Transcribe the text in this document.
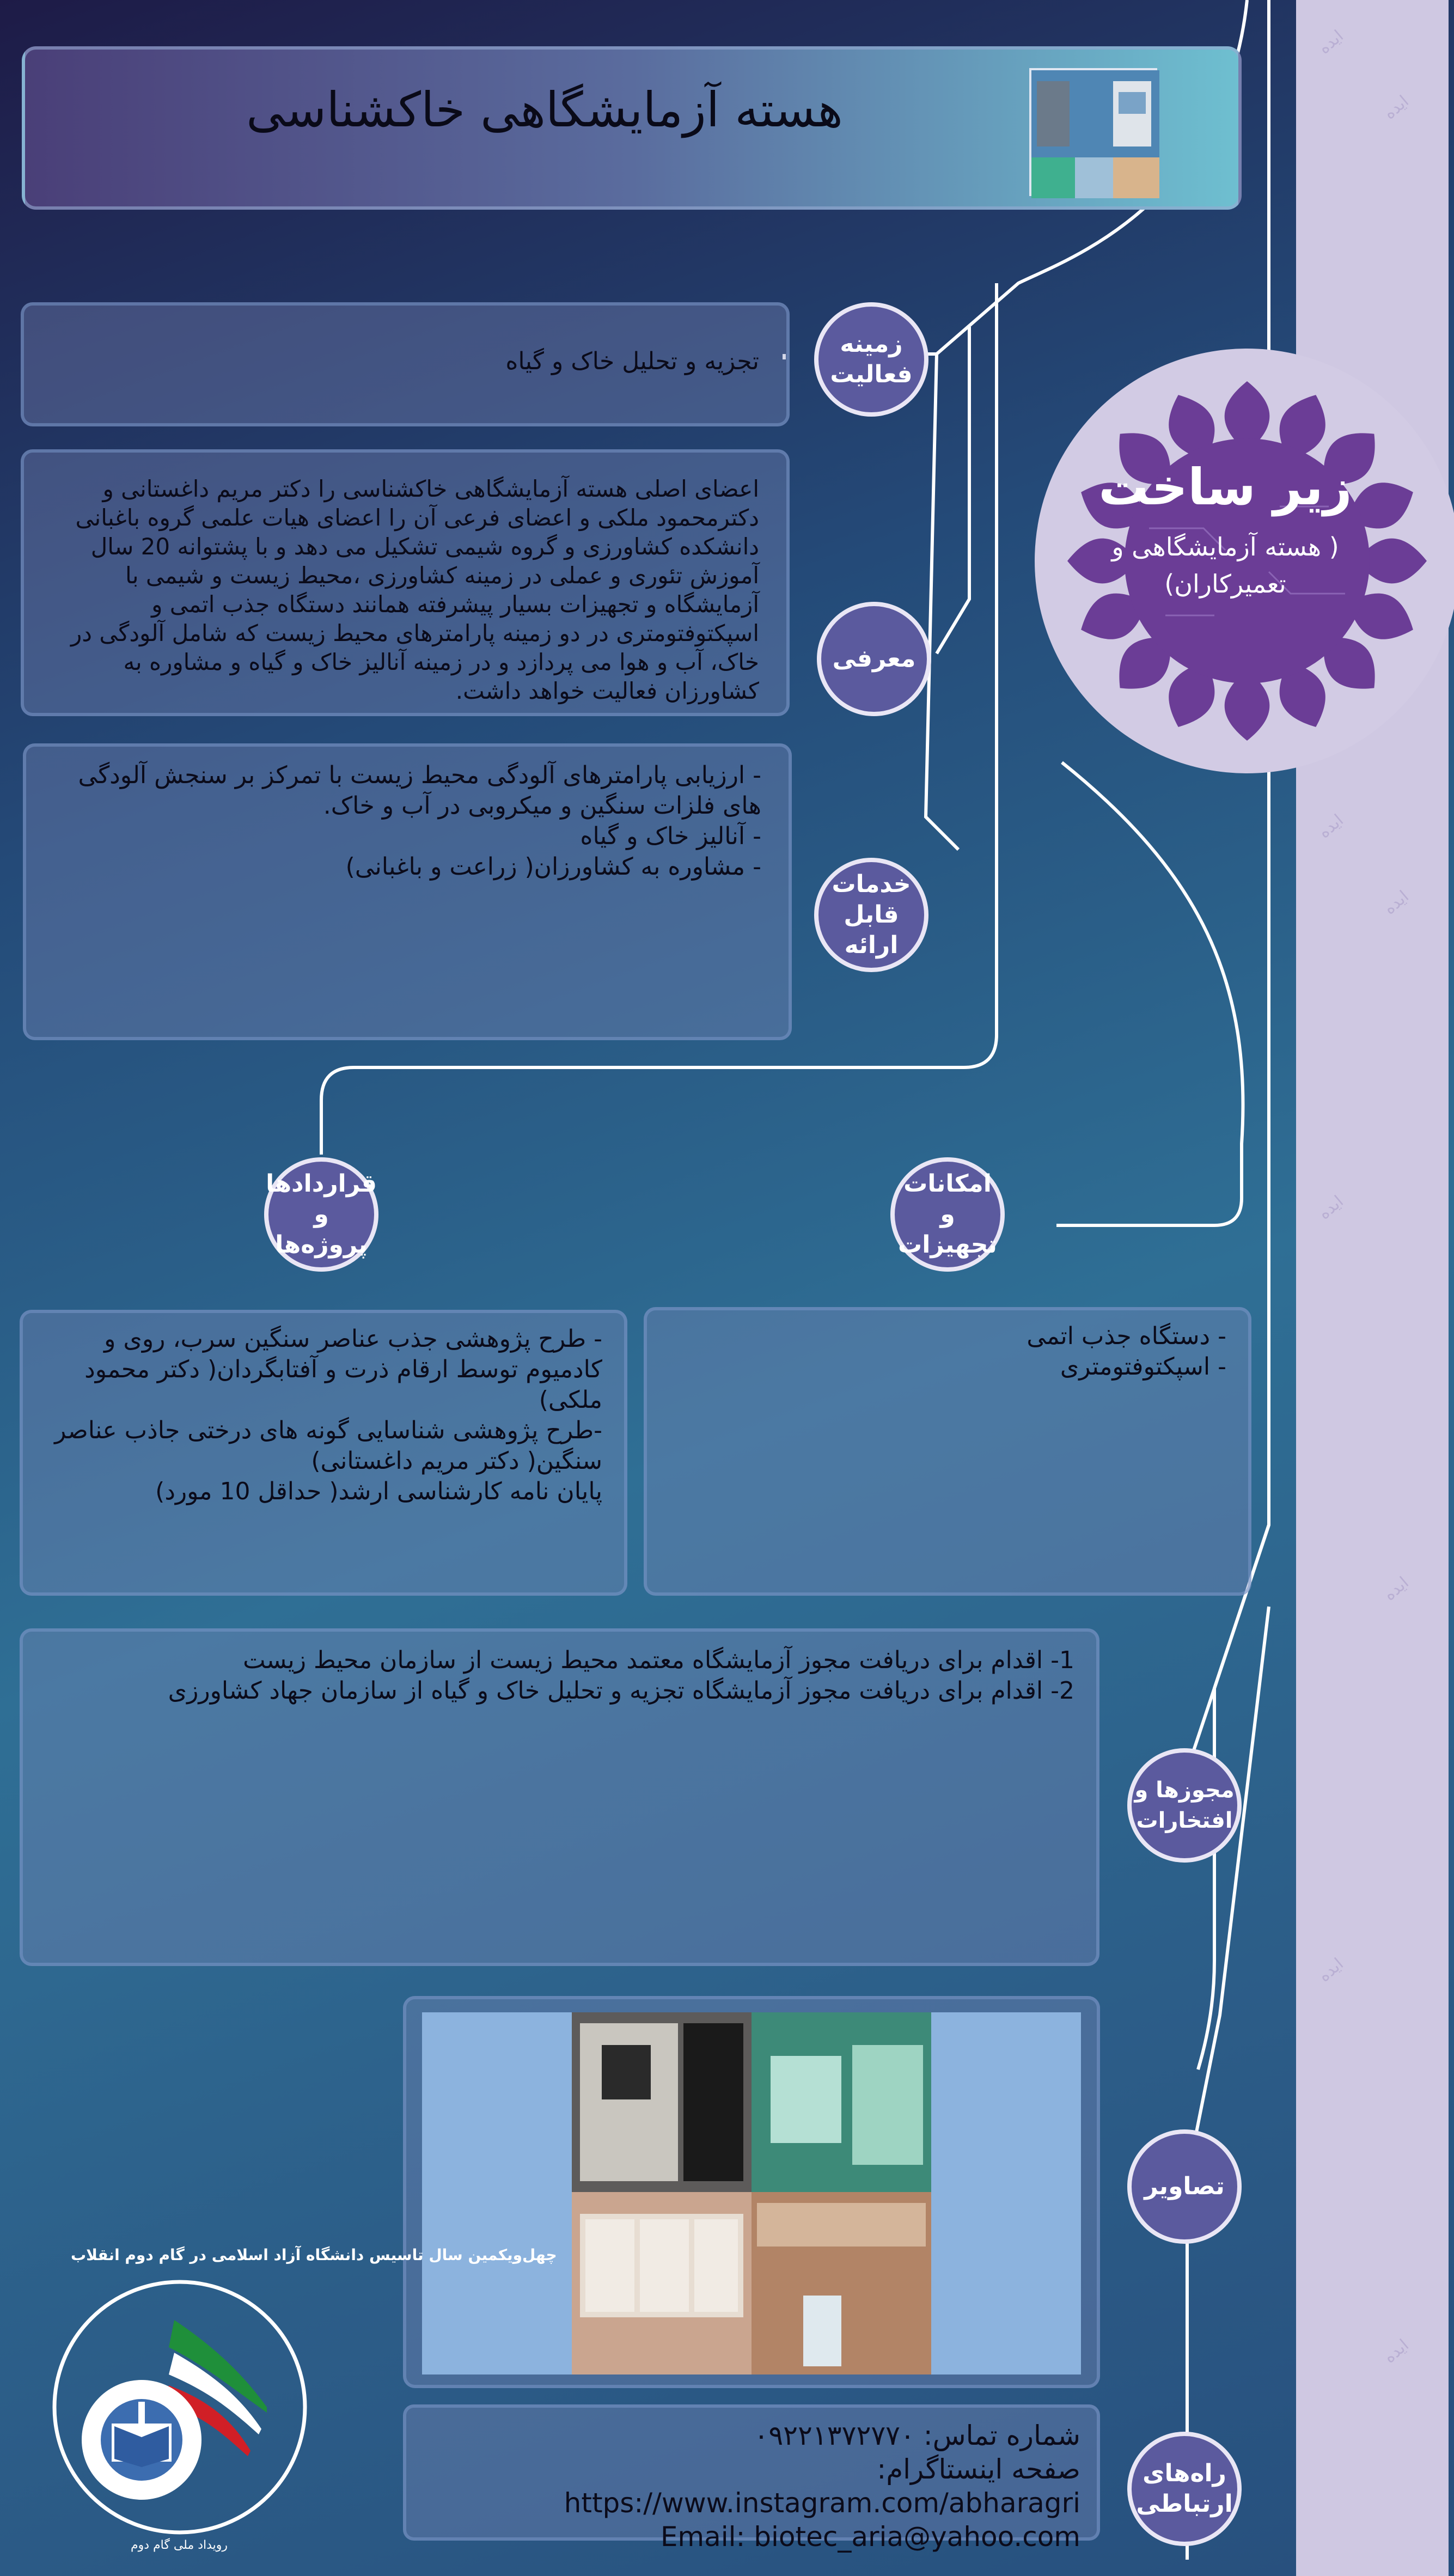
ایده
ایده
ایده
ایده
ایده
ایده
ایده
ایده
هسته آزمایشگاهی خاکشناسی
زیر ساخت
( هسته آزمایشگاهی و تعمیرکاران)

تجزیه و تحلیل خاک و گیاه

زمینه فعالیت

اعضای اصلی هسته آزمایشگاهی خاکشناسی را دکتر مریم داغستانی و دکترمحمود ملکی و اعضای فرعی آن را اعضای هیات علمی گروه باغبانی دانشکده کشاورزی و گروه شیمی تشکیل می دهد و با پشتوانه 20 سال آموزش تئوری و عملی در زمینه کشاورزی ،محیط زیست و شیمی با آزمایشگاه و تجهیزات بسیار پیشرفته همانند دستگاه جذب اتمی و اسپکتوفتومتری در دو زمینه پارامترهای محیط زیست که شامل آلودگی در خاک، آب و هوا می پردازد و در زمینه آنالیز خاک و گیاه و مشاوره به کشاورزان فعالیت خواهد داشت.

معرفی

- ارزیابی پارامترهای آلودگی محیط زیست با تمرکز بر سنجش آلودگی های فلزات سنگین و میکروبی در آب و خاک.

- آنالیز خاک و گیاه

- مشاوره به کشاورزان( زراعت و باغبانی)

خدمات قابل ارائه
قراردادها و پروژه‌ها

- طرح پژوهشی جذب عناصر سنگین سرب، روی و کادمیوم توسط ارقام ذرت و آفتابگردان( دکتر محمود ملکی)

-طرح پژوهشی شناسایی گونه های درختی جاذب عناصر سنگین( دکتر مریم داغستانی)

پایان نامه کارشناسی ارشد( حداقل 10 مورد)

امکانات و تجهیزات

- دستگاه جذب اتمی

- اسپکتوفتومتری

1- اقدام برای دریافت مجوز آزمایشگاه معتمد محیط زیست از سازمان محیط زیست

2- اقدام برای دریافت مجوز آزمایشگاه تجزیه و تحلیل خاک و گیاه از سازمان جهاد کشاورزی

مجوزها و افتخارات
تصاویر
شماره تماس: ۰۹۲۲۱۳۷۲۷۷۰
صفحه اینستاگرام: https://www.instagram.com/abharagri
Email: biotec_aria@yahoo.com
راه‌های ارتباطی
چهل‌ویکمین سال تاسیس دانشگاه آزاد اسلامی در گام دوم انقلاب
رویداد ملی گام دوم
